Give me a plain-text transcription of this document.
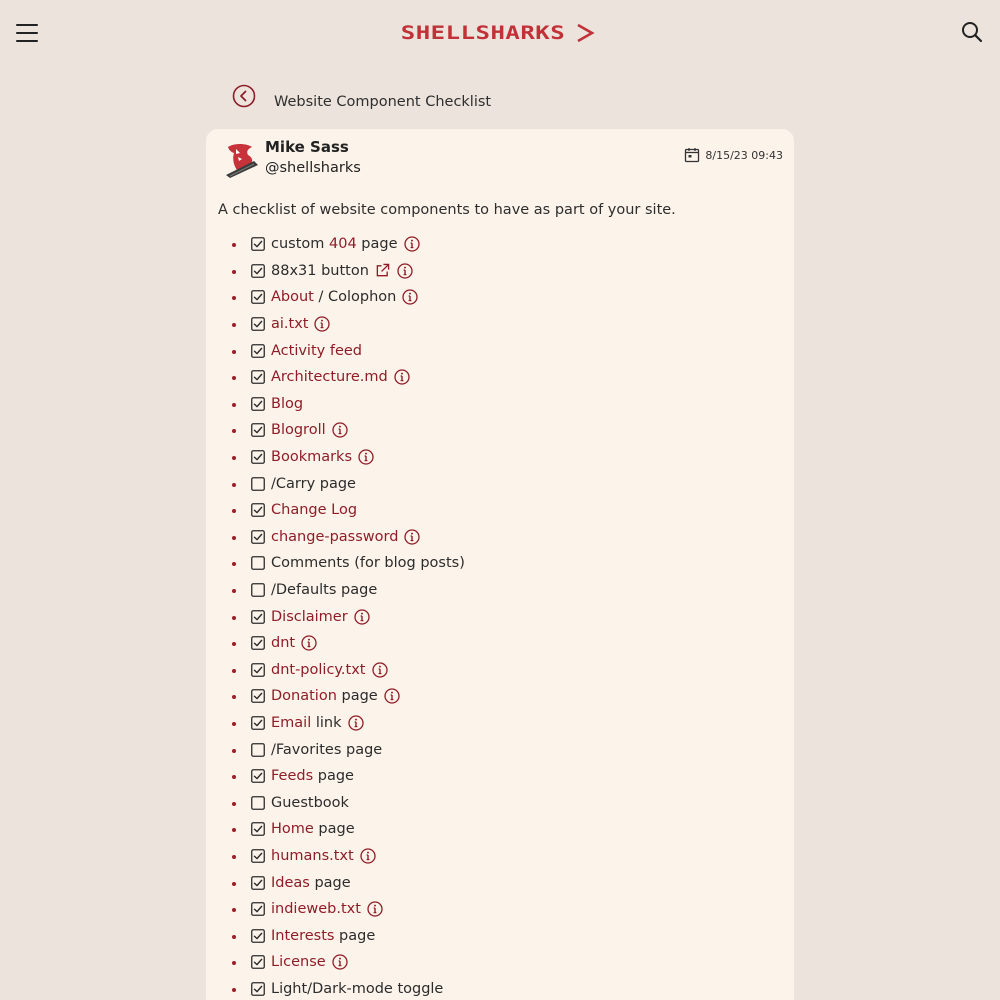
SHELLSHARKS
Website Component Checklist
Mike Sass
@shellsharks
8/15/23 09:43
A checklist of website components to have as part of your site.
custom 404 page
88x31 button
About / Colophon
ai.txt
Activity feed
Architecture.md
Blog
Blogroll
Bookmarks
/Carry page
Change Log
change-password
Comments (for blog posts)
/Defaults page
Disclaimer
dnt
dnt-policy.txt
Donation page
Email link
/Favorites page
Feeds page
Guestbook
Home page
humans.txt
Ideas page
indieweb.txt
Interests page
License
Light/Dark-mode toggle
